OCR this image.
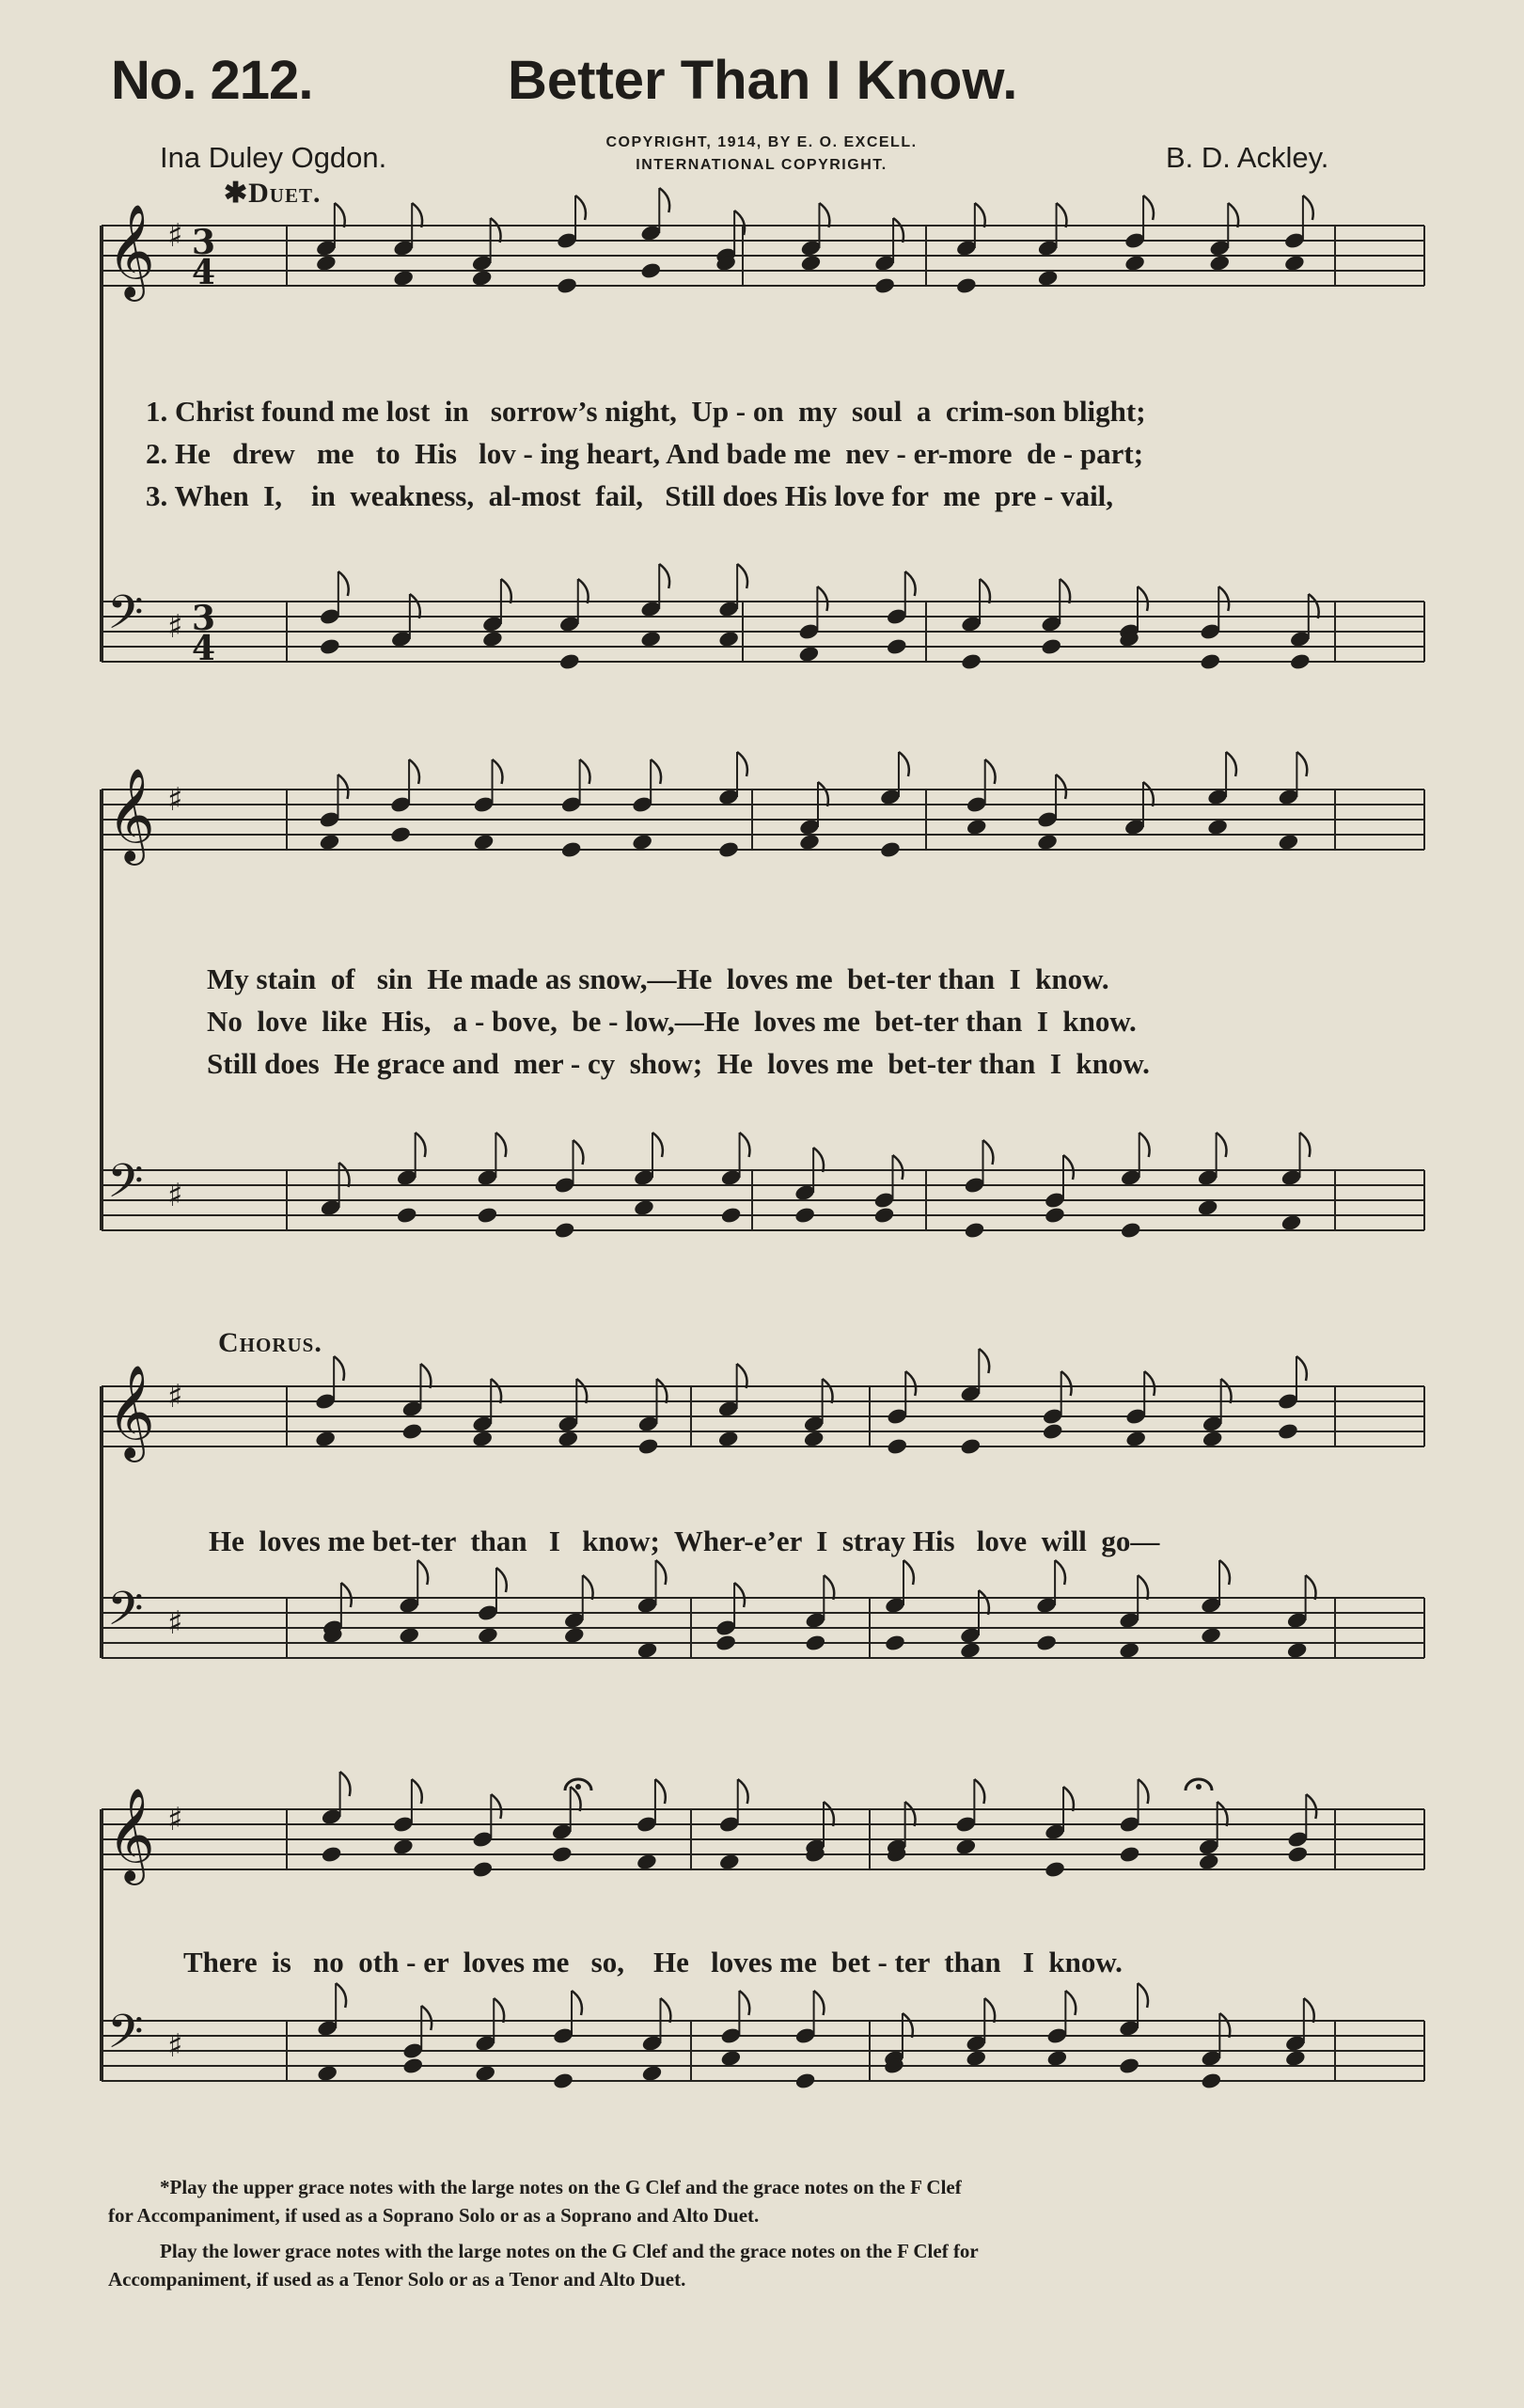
No. 212.	Better Than I Know.
Ina Duley Ogdon.	B. D. Ackley.
COPYRIGHT, 1914, BY E. O. EXCELL.
INTERNATIONAL COPYRIGHT.
✱Duet.
Chorus.
𝄞 ♯ 3
4
𝄢 ♯ 3
4
𝄞 ♯
𝄢 ♯
𝄞 ♯
𝄢 ♯
𝄞 ♯
𝄢 ♯
1. Christ found me lost  in   sorrow’s night,  Up - on  my  soul  a  crim-son blight;
2. He   drew   me   to  His   lov - ing heart, And bade me  nev - er-more  de - part;
3. When  I,    in  weakness,  al-most  fail,   Still does His love for  me  pre - vail,
My stain  of   sin  He made as snow,—He  loves me  bet-ter than  I  know.
No  love  like  His,   a - bove,  be - low,—He  loves me  bet-ter than  I  know.
Still does  He grace and  mer - cy  show;  He  loves me  bet-ter than  I  know.
He  loves me bet-ter  than   I   know;  Wher-e’er  I  stray His   love  will  go—
There  is   no  oth - er  loves me   so,    He   loves me  bet - ter  than   I  know.
*Play the upper grace notes with the large notes on the G Clef and the grace notes on the F Clef
for Accompaniment, if used as a Soprano Solo or as a Soprano and Alto Duet.
Play the lower grace notes with the large notes on the G Clef and the grace notes on the F Clef for
Accompaniment, if used as a Tenor Solo or as a Tenor and Alto Duet.
